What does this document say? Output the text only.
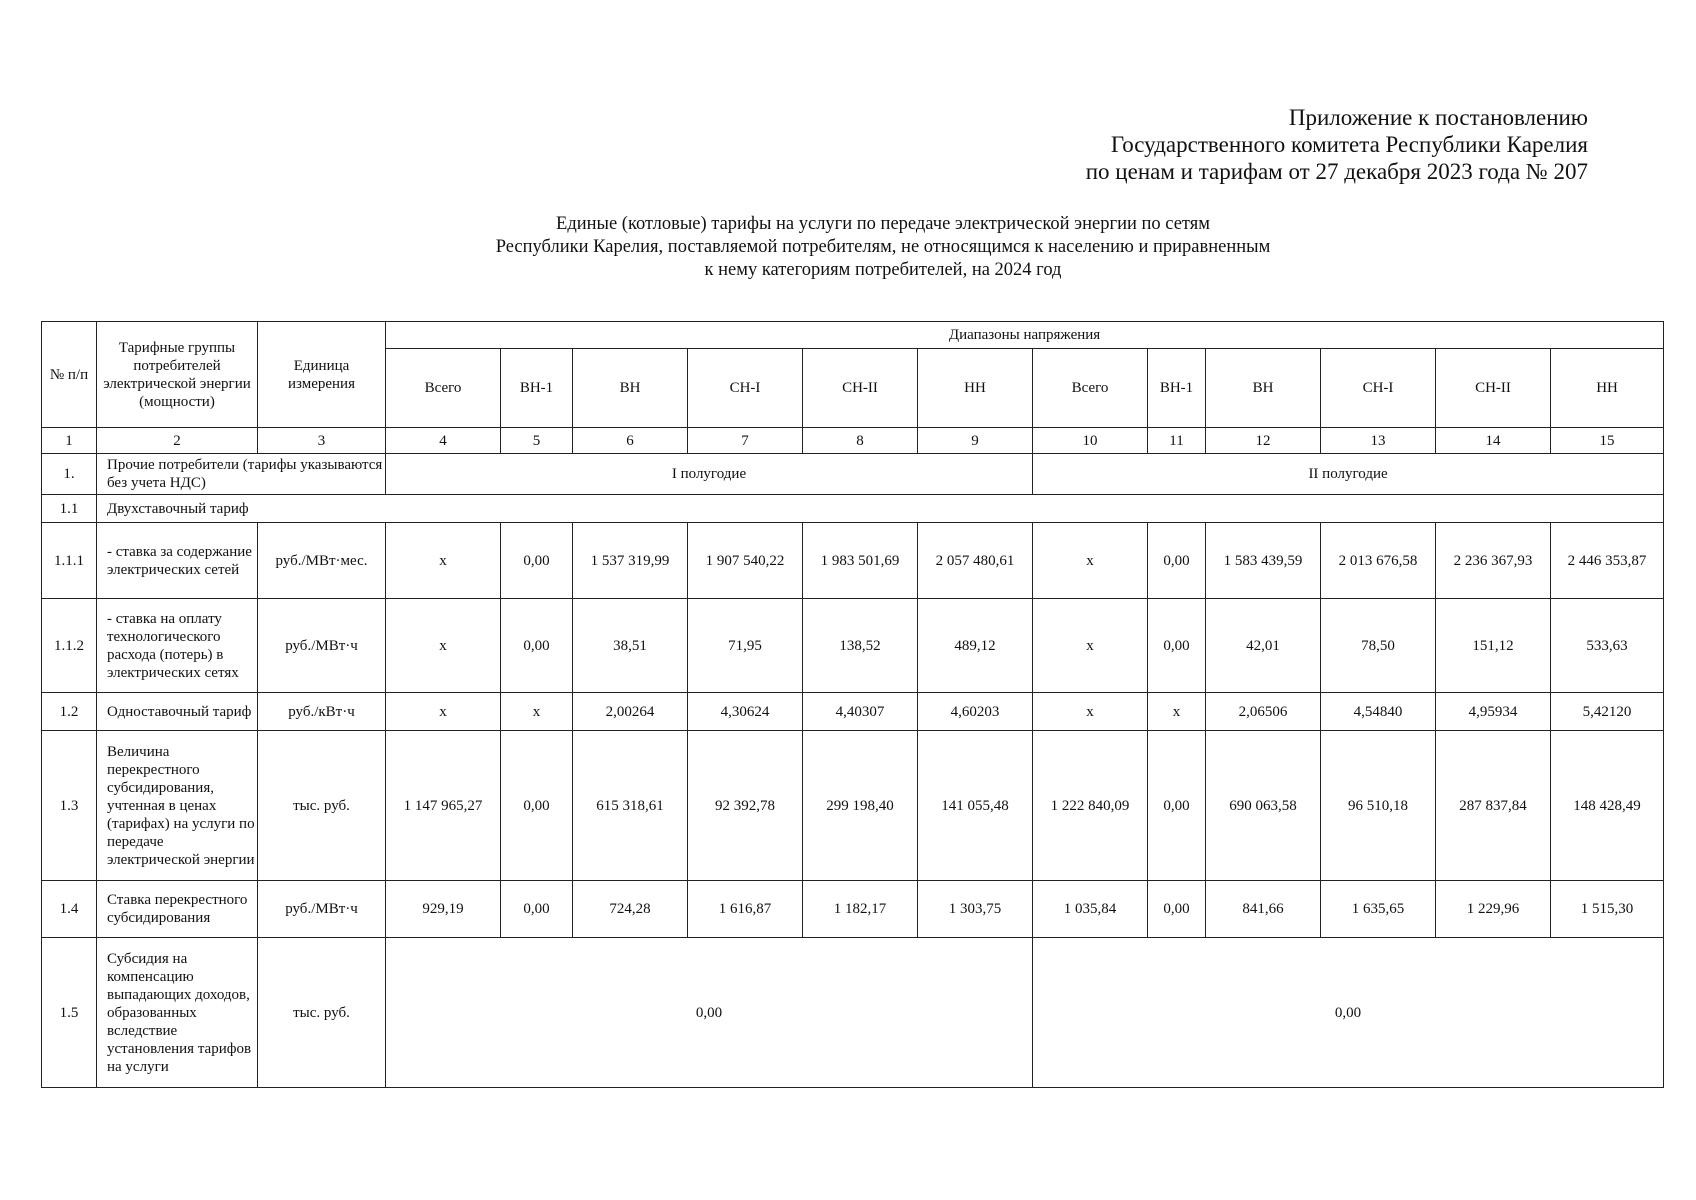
Приложение к постановлению
Государственного комитета Республики Карелия
по ценам и тарифам от 27 декабря 2023 года № 207
Единые (котловые) тарифы на услуги по передаче электрической энергии по сетям
Республики Карелия, поставляемой потребителям, не относящимся к населению и приравненным
к нему категориям потребителей, на 2024 год
№ п/п	Тарифные группы потребителей электрической энергии (мощности)	Единица измерения	Диапазоны напряжения											
			Всего	ВН-1	ВН	СН-I	СН-II	НН	Всего	ВН-1	ВН	СН-I	СН-II	НН
1	2	3	4	5	6	7	8	9	10	11	12	13	14	15
1.	Прочие потребители (тарифы указываются без учета НДС)		I полугодие						II полугодие					
1.1	Двухставочный тариф													
1.1.1	- ставка за содержание электрических сетей	руб./МВт·мес.	х	0,00	1 537 319,99	1 907 540,22	1 983 501,69	2 057 480,61	х	0,00	1 583 439,59	2 013 676,58	2 236 367,93	2 446 353,87
1.1.2	- ставка на оплату технологического расхода (потерь) в электрических сетях	руб./МВт·ч	х	0,00	38,51	71,95	138,52	489,12	х	0,00	42,01	78,50	151,12	533,63
1.2	Одноставочный тариф	руб./кВт·ч	х	х	2,00264	4,30624	4,40307	4,60203	х	х	2,06506	4,54840	4,95934	5,42120
1.3	Величина перекрестного субсидирования, учтенная в ценах (тарифах) на услуги по передаче электрической энергии	тыс. руб.	1 147 965,27	0,00	615 318,61	92 392,78	299 198,40	141 055,48	1 222 840,09	0,00	690 063,58	96 510,18	287 837,84	148 428,49
1.4	Ставка перекрестного субсидирования	руб./МВт·ч	929,19	0,00	724,28	1 616,87	1 182,17	1 303,75	1 035,84	0,00	841,66	1 635,65	1 229,96	1 515,30
1.5	Субсидия на компенсацию выпадающих доходов, образованных вследствие установления тарифов на услуги	тыс. руб.	0,00						0,00					
